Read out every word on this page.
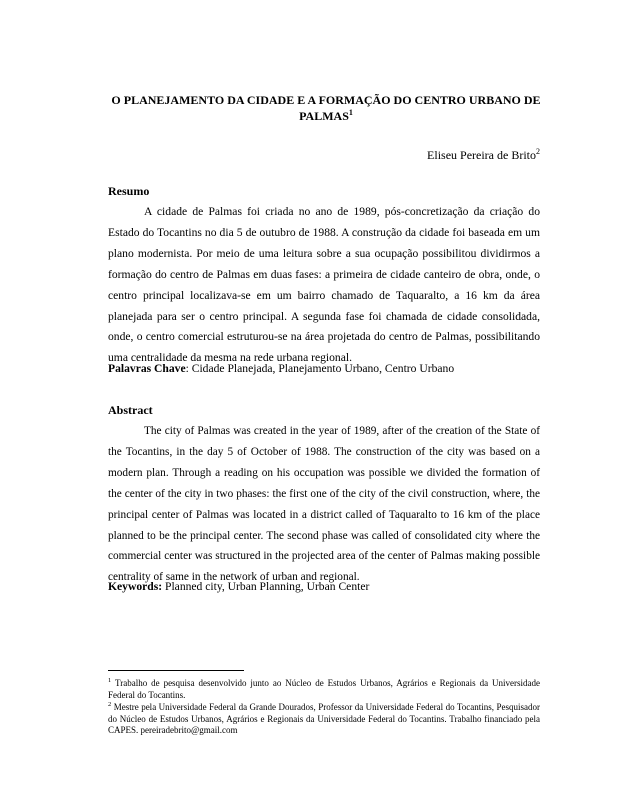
O PLANEJAMENTO DA CIDADE E A FORMAÇÃO DO CENTRO URBANO DE PALMAS$^1$
Eliseu Pereira de Brito$^2$
Resumo

A cidade de Palmas foi criada no ano de 1989, pós-concretização da criação do Estado do Tocantins no dia 5 de outubro de 1988. A construção da cidade foi baseada em um plano modernista. Por meio de uma leitura sobre a sua ocupação possibilitou dividirmos a formação do centro de Palmas em duas fases: a primeira de cidade canteiro de obra, onde, o centro principal localizava-se em um bairro chamado de Taquaralto, a 16 km da área planejada para ser o centro principal. A segunda fase foi chamada de cidade consolidada, onde, o centro comercial estruturou-se na área projetada do centro de Palmas, possibilitando uma centralidade da mesma na rede urbana regional.

Palavras Chave: Cidade Planejada, Planejamento Urbano, Centro Urbano
Abstract

The city of Palmas was created in the year of 1989, after of the creation of the State of the Tocantins, in the day 5 of October of 1988. The construction of the city was based on a modern plan. Through a reading on his occupation was possible we divided the formation of the center of the city in two phases: the first one of the city of the civil construction, where, the principal center of Palmas was located in a district called of Taquaralto to 16 km of the place planned to be the principal center. The second phase was called of consolidated city where the commercial center was structured in the projected area of the center of Palmas making possible centrality of same in the network of urban and regional.

Keywords: Planned city, Urban Planning, Urban Center

$^1$ Trabalho de pesquisa desenvolvido junto ao Núcleo de Estudos Urbanos, Agrários e Regionais da Universidade Federal do Tocantins.

$^2$ Mestre pela Universidade Federal da Grande Dourados, Professor da Universidade Federal do Tocantins, Pesquisador do Núcleo de Estudos Urbanos, Agrários e Regionais da Universidade Federal do Tocantins. Trabalho financiado pela CAPES. pereiradebrito@gmail.com
